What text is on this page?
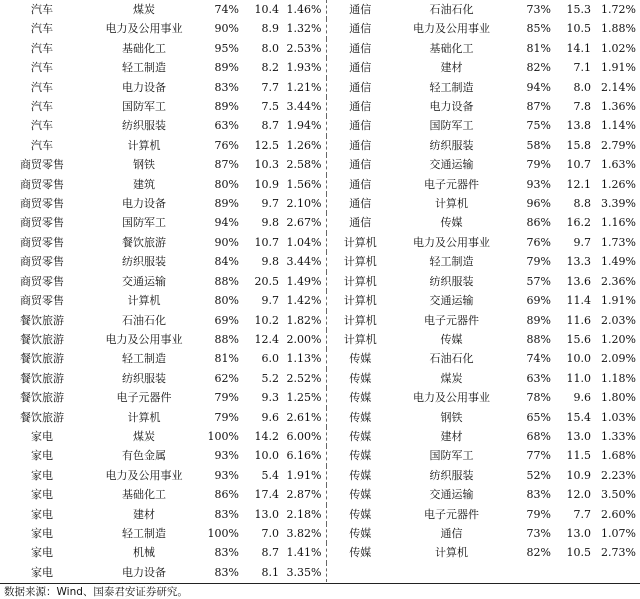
汽车	煤炭	74%	10.4	1.46%	通信	石油石化	73%	15.3	1.72%
汽车	电力及公用事业	90%	8.9	1.32%	通信	电力及公用事业	85%	10.5	1.88%
汽车	基础化工	95%	8.0	2.53%	通信	基础化工	81%	14.1	1.02%
汽车	轻工制造	89%	8.2	1.93%	通信	建材	82%	7.1	1.91%
汽车	电力设备	83%	7.7	1.21%	通信	轻工制造	94%	8.0	2.14%
汽车	国防军工	89%	7.5	3.44%	通信	电力设备	87%	7.8	1.36%
汽车	纺织服装	63%	8.7	1.94%	通信	国防军工	75%	13.8	1.14%
汽车	计算机	76%	12.5	1.26%	通信	纺织服装	58%	15.8	2.79%
商贸零售	钢铁	87%	10.3	2.58%	通信	交通运输	79%	10.7	1.63%
商贸零售	建筑	80%	10.9	1.56%	通信	电子元器件	93%	12.1	1.26%
商贸零售	电力设备	89%	9.7	2.10%	通信	计算机	96%	8.8	3.39%
商贸零售	国防军工	94%	9.8	2.67%	通信	传媒	86%	16.2	1.16%
商贸零售	餐饮旅游	90%	10.7	1.04%	计算机	电力及公用事业	76%	9.7	1.73%
商贸零售	纺织服装	84%	9.8	3.44%	计算机	轻工制造	79%	13.3	1.49%
商贸零售	交通运输	88%	20.5	1.49%	计算机	纺织服装	57%	13.6	2.36%
商贸零售	计算机	80%	9.7	1.42%	计算机	交通运输	69%	11.4	1.91%
餐饮旅游	石油石化	69%	10.2	1.82%	计算机	电子元器件	89%	11.6	2.03%
餐饮旅游	电力及公用事业	88%	12.4	2.00%	计算机	传媒	88%	15.6	1.20%
餐饮旅游	轻工制造	81%	6.0	1.13%	传媒	石油石化	74%	10.0	2.09%
餐饮旅游	纺织服装	62%	5.2	2.52%	传媒	煤炭	63%	11.0	1.18%
餐饮旅游	电子元器件	79%	9.3	1.25%	传媒	电力及公用事业	78%	9.6	1.80%
餐饮旅游	计算机	79%	9.6	2.61%	传媒	钢铁	65%	15.4	1.03%
家电	煤炭	100%	14.2	6.00%	传媒	建材	68%	13.0	1.33%
家电	有色金属	93%	10.0	6.16%	传媒	国防军工	77%	11.5	1.68%
家电	电力及公用事业	93%	5.4	1.91%	传媒	纺织服装	52%	10.9	2.23%
家电	基础化工	86%	17.4	2.87%	传媒	交通运输	83%	12.0	3.50%
家电	建材	83%	13.0	2.18%	传媒	电子元器件	79%	7.7	2.60%
家电	轻工制造	100%	7.0	3.82%	传媒	通信	73%	13.0	1.07%
家电	机械	83%	8.7	1.41%	传媒	计算机	82%	10.5	2.73%
家电	电力设备	83%	8.1	3.35%					
数据来源：Wind、国泰君安证券研究。
